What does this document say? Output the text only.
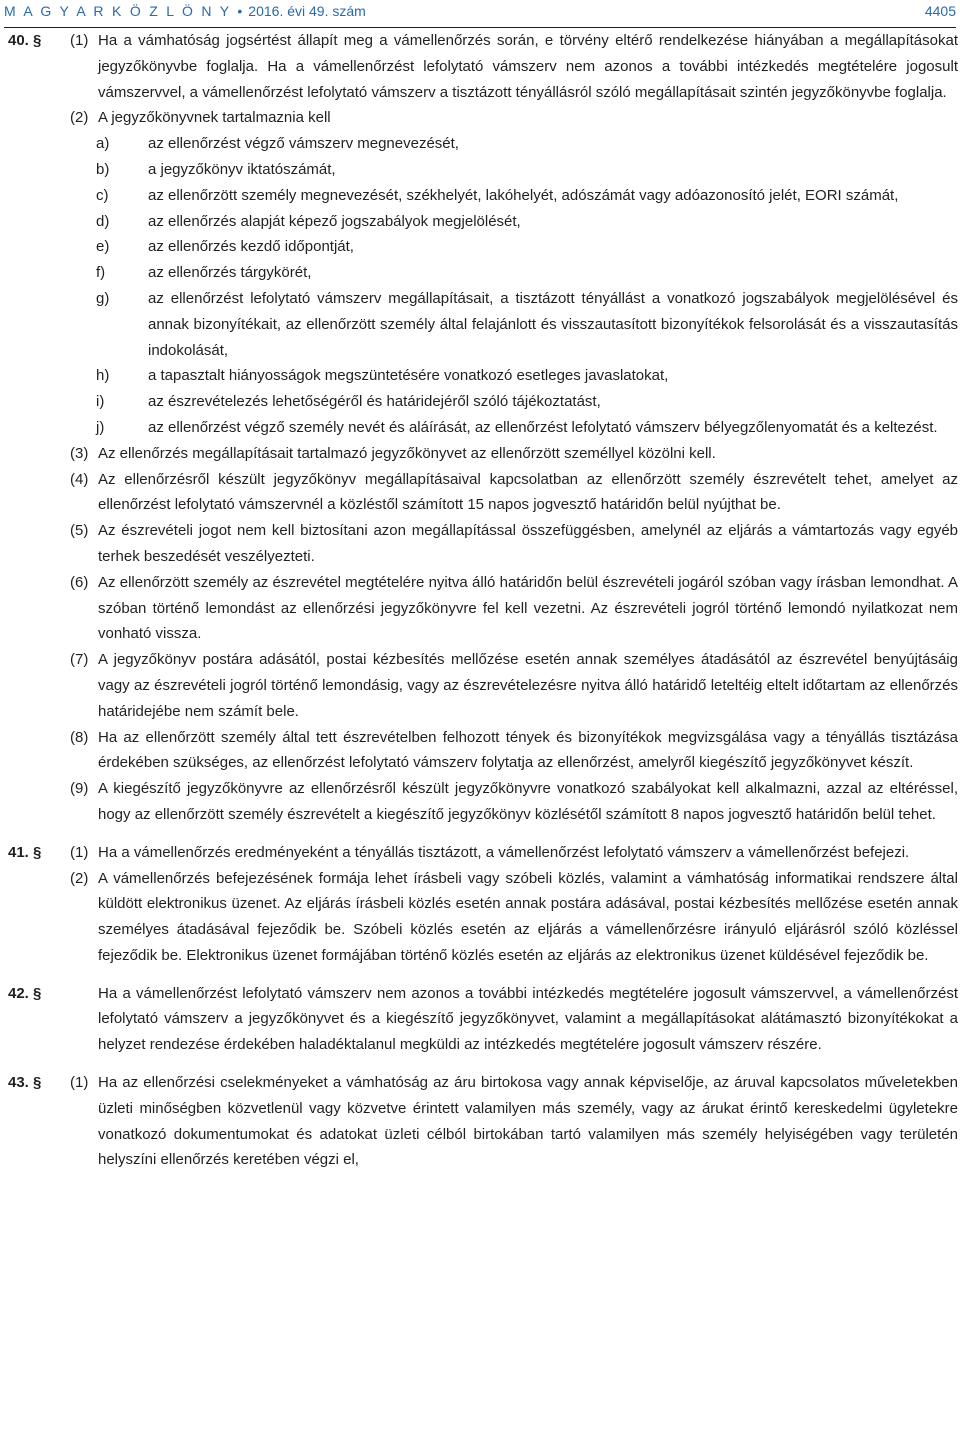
M A G Y A R K Ö Z L Ö N Y • 2016. évi 49. szám	4405
40. §	(1) Ha a vámhatóság jogsértést állapít meg a vámellenőrzés során, e törvény eltérő rendelkezése hiányában a megállapításokat jegyzőkönyvbe foglalja. Ha a vámellenőrzést lefolytató vámszerv nem azonos a további intézkedés megtételére jogosult vámszervvel, a vámellenőrzést lefolytató vámszerv a tisztázott tényállásról szóló megállapításait szintén jegyzőkönyvbe foglalja.
(2) A jegyzőkönyvnek tartalmaznia kell
a)	az ellenőrzést végző vámszerv megnevezését,
b)	a jegyzőkönyv iktatószámát,
c)	az ellenőrzött személy megnevezését, székhelyét, lakóhelyét, adószámát vagy adóazonosító jelét, EORI számát,
d)	az ellenőrzés alapját képező jogszabályok megjelölését,
e)	az ellenőrzés kezdő időpontját,
f)	az ellenőrzés tárgykörét,
g)	az ellenőrzést lefolytató vámszerv megállapításait, a tisztázott tényállást a vonatkozó jogszabályok megjelölésével és annak bizonyítékait, az ellenőrzött személy által felajánlott és visszautasított bizonyítékok felsorolását és a visszautasítás indokolását,
h)	a tapasztalt hiányosságok megszüntetésére vonatkozó esetleges javaslatokat,
i)	az észrevételezés lehetőségéről és határidejéről szóló tájékoztatást,
j)	az ellenőrzést végző személy nevét és aláírását, az ellenőrzést lefolytató vámszerv bélyegzőlenyomatát és a keltezést.
(3) Az ellenőrzés megállapításait tartalmazó jegyzőkönyvet az ellenőrzött személlyel közölni kell.
(4) Az ellenőrzésről készült jegyzőkönyv megállapításaival kapcsolatban az ellenőrzött személy észrevételt tehet, amelyet az ellenőrzést lefolytató vámszervnél a közléstől számított 15 napos jogvesztő határidőn belül nyújthat be.
(5) Az észrevételi jogot nem kell biztosítani azon megállapítással összefüggésben, amelynél az eljárás a vámtartozás vagy egyéb terhek beszedését veszélyezteti.
(6) Az ellenőrzött személy az észrevétel megtételére nyitva álló határidőn belül észrevételi jogáról szóban vagy írásban lemondhat. A szóban történő lemondást az ellenőrzési jegyzőkönyvre fel kell vezetni. Az észrevételi jogról történő lemondó nyilatkozat nem vonható vissza.
(7) A jegyzőkönyv postára adásától, postai kézbesítés mellőzése esetén annak személyes átadásától az észrevétel benyújtásáig vagy az észrevételi jogról történő lemondásig, vagy az észrevételezésre nyitva álló határidő leteltéig eltelt időtartam az ellenőrzés határidejébe nem számít bele.
(8) Ha az ellenőrzött személy által tett észrevételben felhozott tények és bizonyítékok megvizsgálása vagy a tényállás tisztázása érdekében szükséges, az ellenőrzést lefolytató vámszerv folytatja az ellenőrzést, amelyről kiegészítő jegyzőkönyvet készít.
(9) A kiegészítő jegyzőkönyvre az ellenőrzésről készült jegyzőkönyvre vonatkozó szabályokat kell alkalmazni, azzal az eltéréssel, hogy az ellenőrzött személy észrevételt a kiegészítő jegyzőkönyv közlésétől számított 8 napos jogvesztő határidőn belül tehet.
41. §	(1) Ha a vámellenőrzés eredményeként a tényállás tisztázott, a vámellenőrzést lefolytató vámszerv a vámellenőrzést befejezi.
(2) A vámellenőrzés befejezésének formája lehet írásbeli vagy szóbeli közlés, valamint a vámhatóság informatikai rendszere által küldött elektronikus üzenet. Az eljárás írásbeli közlés esetén annak postára adásával, postai kézbesítés mellőzése esetén annak személyes átadásával fejeződik be. Szóbeli közlés esetén az eljárás a vámellenőrzésre irányuló eljárásról szóló közléssel fejeződik be. Elektronikus üzenet formájában történő közlés esetén az eljárás az elektronikus üzenet küldésével fejeződik be.
42. §	Ha a vámellenőrzést lefolytató vámszerv nem azonos a további intézkedés megtételére jogosult vámszervvel, a vámellenőrzést lefolytató vámszerv a jegyzőkönyvet és a kiegészítő jegyzőkönyvet, valamint a megállapításokat alátámasztó bizonyítékokat a helyzet rendezése érdekében haladéktalanul megküldi az intézkedés megtételére jogosult vámszerv részére.
43. §	(1) Ha az ellenőrzési cselekményeket a vámhatóság az áru birtokosa vagy annak képviselője, az áruval kapcsolatos műveletekben üzleti minőségben közvetlenül vagy közvetve érintett valamilyen más személy, vagy az árukat érintő kereskedelmi ügyletekre vonatkozó dokumentumokat és adatokat üzleti célból birtokában tartó valamilyen más személy helyiségében vagy területén helyszíni ellenőrzés keretében végzi el,
